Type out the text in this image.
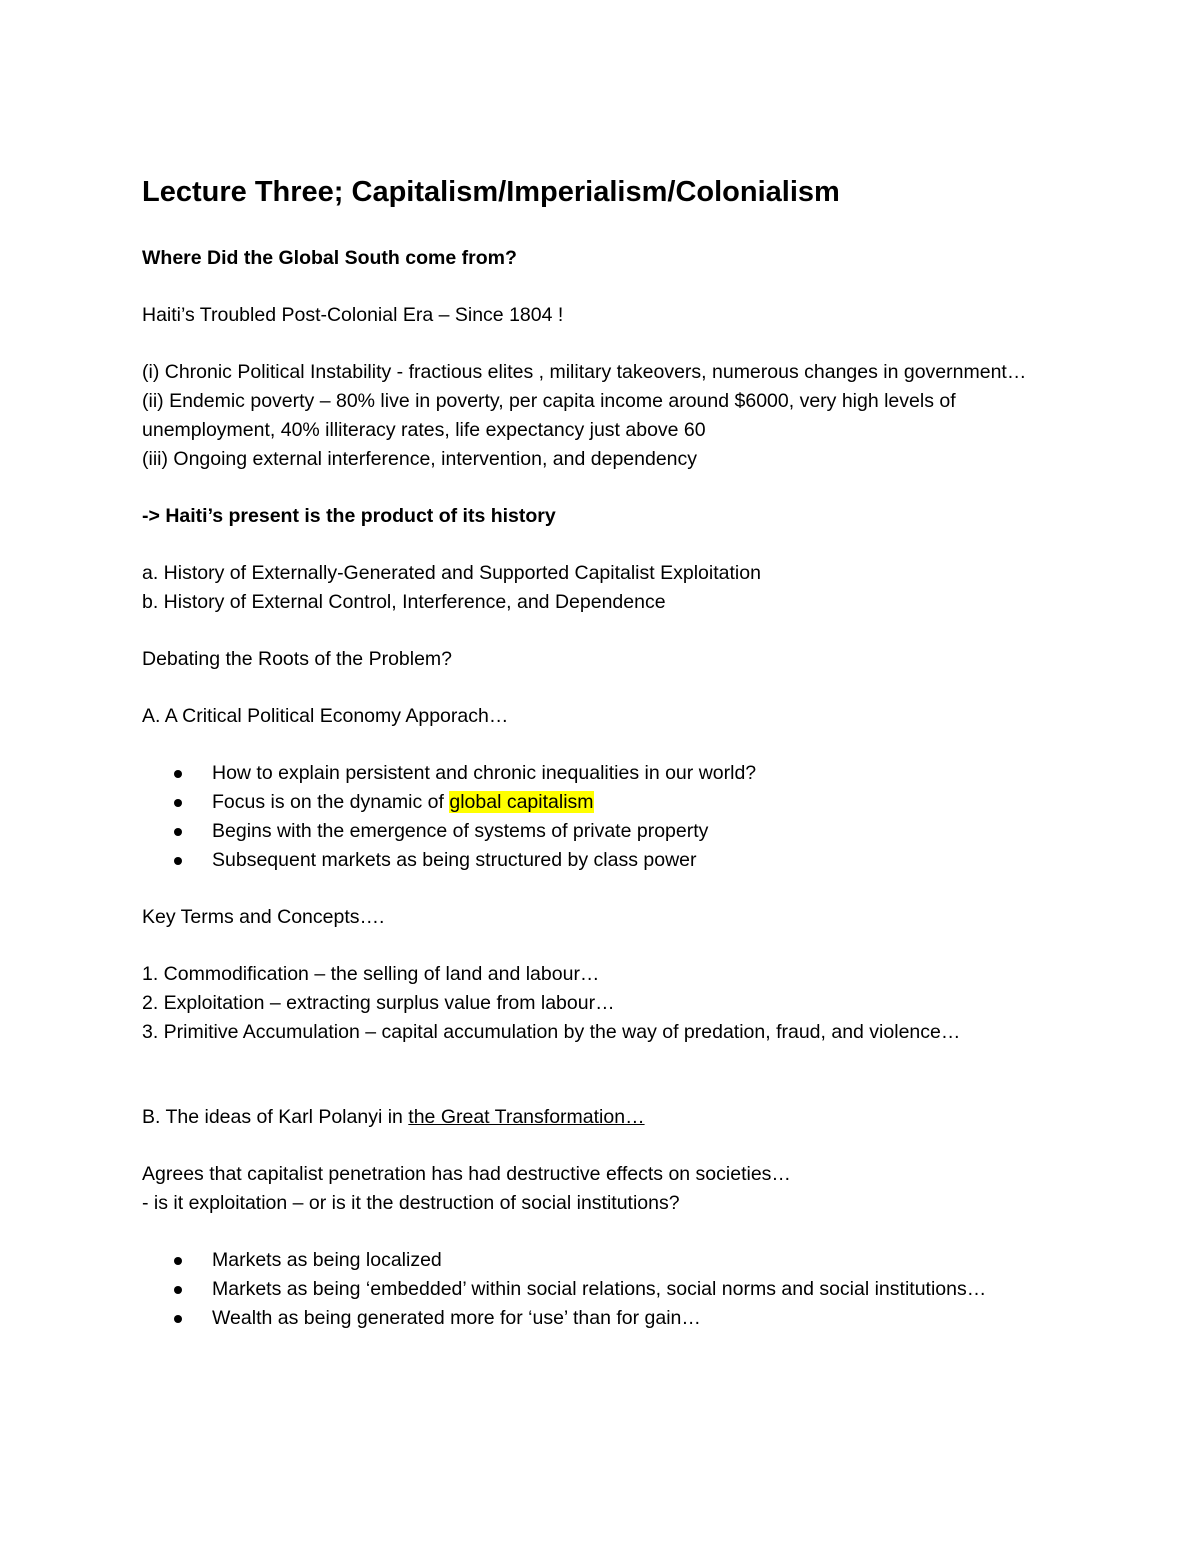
Lecture Three; Capitalism/Imperialism/Colonialism

Where Did the Global South come from?

Haiti’s Troubled Post-Colonial Era – Since 1804 !

(i) Chronic Political Instability - fractious elites , military takeovers, numerous changes in government…

(ii) Endemic poverty – 80% live in poverty, per capita income around $6000, very high levels of unemployment, 40% illiteracy rates, life expectancy just above 60

(iii) Ongoing external interference, intervention, and dependency

-> Haiti’s present is the product of its history

a. History of Externally-Generated and Supported Capitalist Exploitation

b. History of External Control, Interference, and Dependence

Debating the Roots of the Problem?

A. A Critical Political Economy Apporach…

How to explain persistent and chronic inequalities in our world?
Focus is on the dynamic of global capitalism
Begins with the emergence of systems of private property
Subsequent markets as being structured by class power

Key Terms and Concepts….

1. Commodification – the selling of land and labour…

2. Exploitation – extracting surplus value from labour…

3. Primitive Accumulation – capital accumulation by the way of predation, fraud, and violence…

B. The ideas of Karl Polanyi in the Great Transformation…

Agrees that capitalist penetration has had destructive effects on societies…

- is it exploitation – or is it the destruction of social institutions?

Markets as being localized
Markets as being ‘embedded’ within social relations, social norms and social institutions…
Wealth as being generated more for ‘use’ than for gain…
